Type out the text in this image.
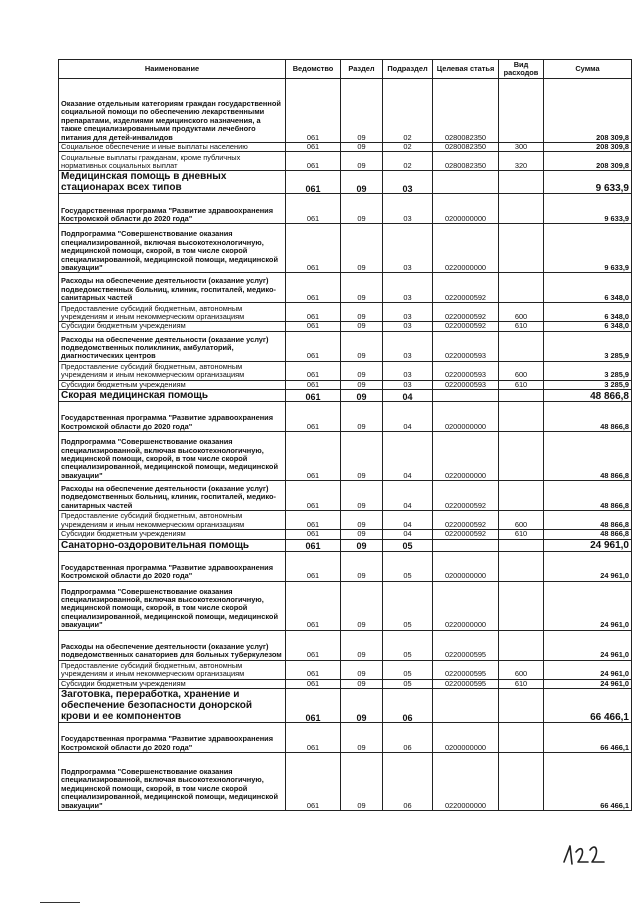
Наименование	Ведомство	Раздел	Подраздел	Целевая статья	Вид расходов	Сумма
Оказание отдельным категориям граждан государственной социальной помощи по обеспечению лекарственными препаратами, изделиями медицинского назначения, а также специализированными продуктами лечебного питания для детей-инвалидов	061	09	02	0280082350		208 309,8
Социальное обеспечение и иные выплаты населению	061	09	02	0280082350	300	208 309,8
Социальные выплаты гражданам, кроме публичных нормативных социальных выплат	061	09	02	0280082350	320	208 309,8
Медицинская помощь в дневных стационарах всех типов	061	09	03			9 633,9
Государственная программа "Развитие здравоохранения Костромской области до 2020 года"	061	09	03	0200000000		9 633,9
Подпрограмма "Совершенствование оказания специализированной, включая высокотехнологичную, медицинской помощи, скорой, в том числе скорой специализированной, медицинской помощи, медицинской эвакуации"	061	09	03	0220000000		9 633,9
Расходы на обеспечение деятельности (оказание услуг) подведомственных больниц, клиник, госпиталей, медико-санитарных частей	061	09	03	0220000592		6 348,0
Предоставление субсидий бюджетным, автономным учреждениям и иным некоммерческим организациям	061	09	03	0220000592	600	6 348,0
Субсидии бюджетным учреждениям	061	09	03	0220000592	610	6 348,0
Расходы на обеспечение деятельности (оказание услуг) подведомственных поликлиник, амбулаторий, диагностических центров	061	09	03	0220000593		3 285,9
Предоставление субсидий бюджетным, автономным учреждениям и иным некоммерческим организациям	061	09	03	0220000593	600	3 285,9
Субсидии бюджетным учреждениям	061	09	03	0220000593	610	3 285,9
Скорая медицинская помощь	061	09	04			48 866,8
Государственная программа "Развитие здравоохранения Костромской области до 2020 года"	061	09	04	0200000000		48 866,8
Подпрограмма "Совершенствование оказания специализированной, включая высокотехнологичную, медицинской помощи, скорой, в том числе скорой специализированной, медицинской помощи, медицинской эвакуации"	061	09	04	0220000000		48 866,8
Расходы на обеспечение деятельности (оказание услуг) подведомственных больниц, клиник, госпиталей, медико-санитарных частей	061	09	04	0220000592		48 866,8
Предоставление субсидий бюджетным, автономным учреждениям и иным некоммерческим организациям	061	09	04	0220000592	600	48 866,8
Субсидии бюджетным учреждениям	061	09	04	0220000592	610	48 866,8
Санаторно-оздоровительная помощь	061	09	05			24 961,0
Государственная программа "Развитие здравоохранения Костромской области до 2020 года"	061	09	05	0200000000		24 961,0
Подпрограмма "Совершенствование оказания специализированной, включая высокотехнологичную, медицинской помощи, скорой, в том числе скорой специализированной, медицинской помощи, медицинской эвакуации"	061	09	05	0220000000		24 961,0
Расходы на обеспечение деятельности (оказание услуг) подведомственных санаториев для больных туберкулезом	061	09	05	0220000595		24 961,0
Предоставление субсидий бюджетным, автономным учреждениям и иным некоммерческим организациям	061	09	05	0220000595	600	24 961,0
Субсидии бюджетным учреждениям	061	09	05	0220000595	610	24 961,0
Заготовка, переработка, хранение и обеспечение безопасности донорской крови и ее компонентов	061	09	06			66 466,1
Государственная программа "Развитие здравоохранения Костромской области до 2020 года"	061	09	06	0200000000		66 466,1
Подпрограмма "Совершенствование оказания специализированной, включая высокотехнологичную, медицинской помощи, скорой, в том числе скорой специализированной, медицинской помощи, медицинской эвакуации"	061	09	06	0220000000		66 466,1
